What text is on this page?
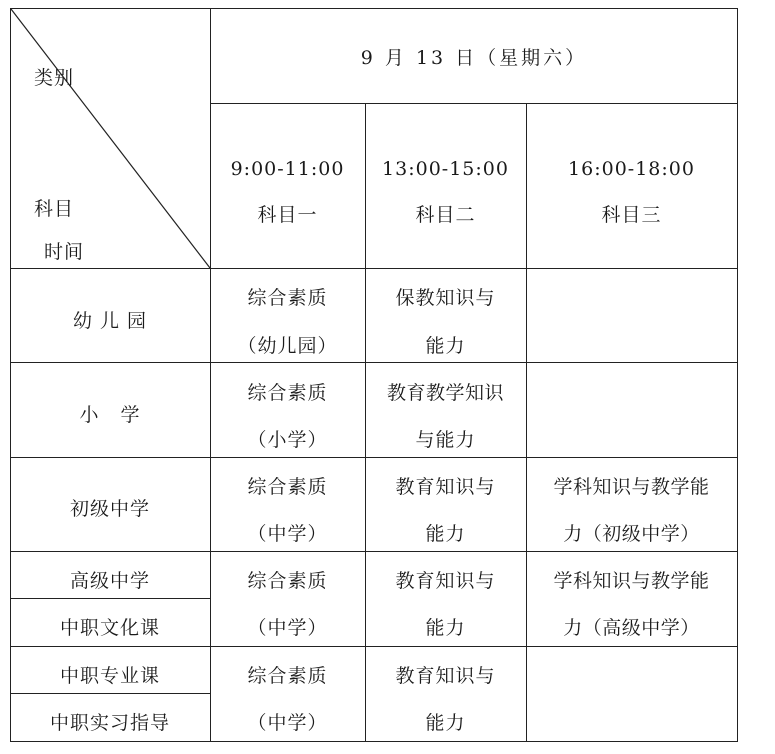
类别
科目
时间
9 月 13 日（星期六）
9:00-11:00
科目一
13:00-15:00
科目二
16:00-18:00
科目三
幼 儿 园
综合素质
（幼儿园）
保教知识与
能力
小   学
综合素质
（小学）
教育教学知识
与能力
初级中学
综合素质
（中学）
教育知识与
能力
学科知识与教学能
力（初级中学）
高级中学
中职文化课
综合素质
（中学）
教育知识与
能力
学科知识与教学能
力（高级中学）
中职专业课
中职实习指导
综合素质
（中学）
教育知识与
能力
